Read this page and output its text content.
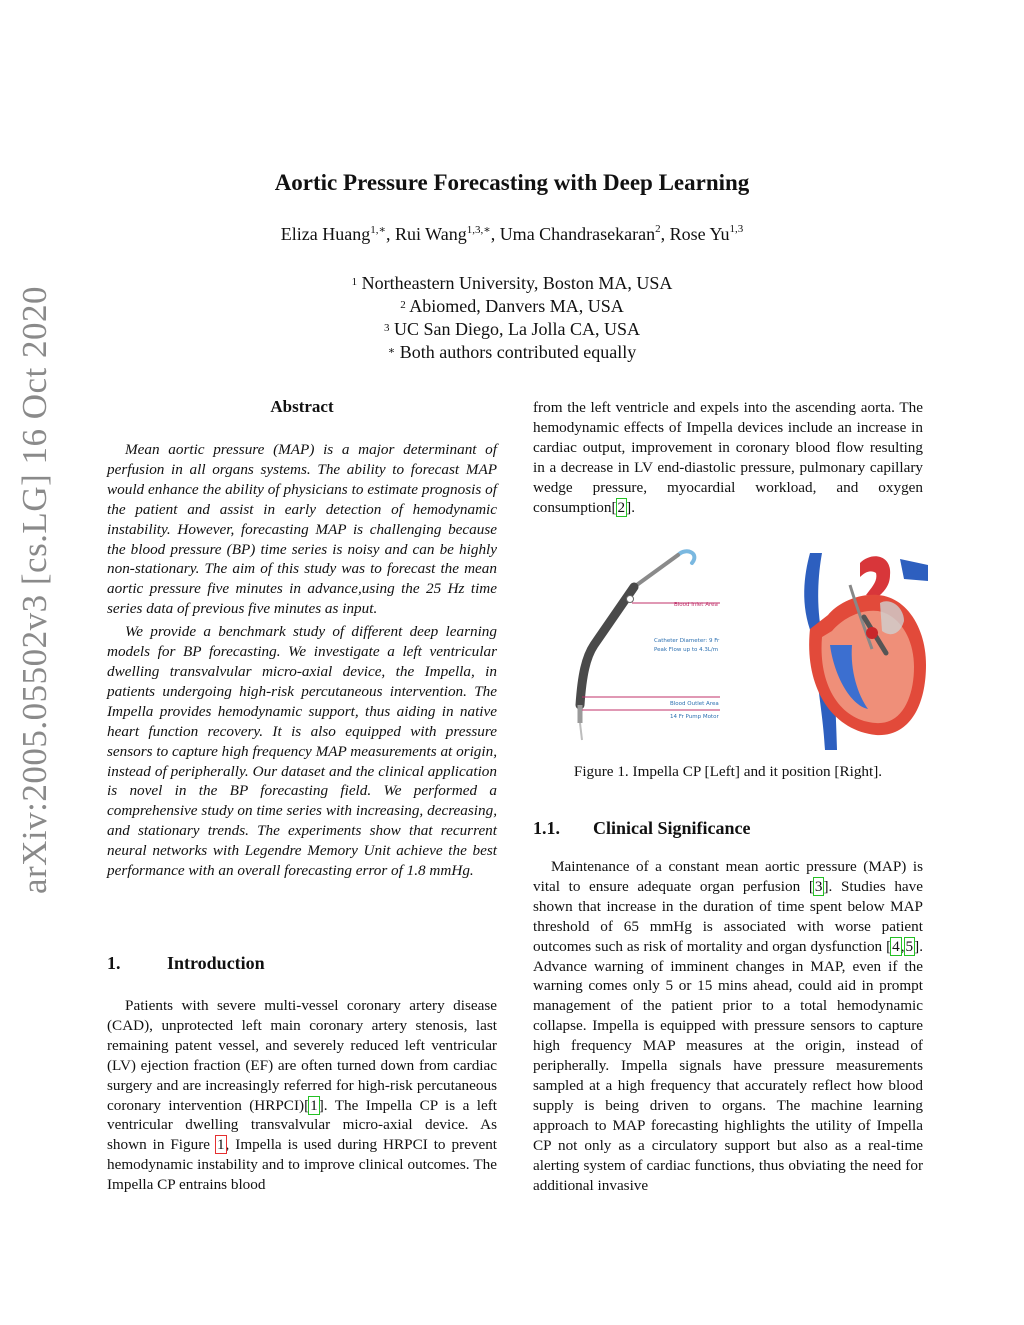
arXiv:2005.05502v3 [cs.LG] 16 Oct 2020
Aortic Pressure Forecasting with Deep Learning
Eliza Huang$^{1,∗}$, Rui Wang$^{1,3,∗}$, Uma Chandrasekaran$^2$, Rose Yu$^{1,3}$
$^1$ Northeastern University, Boston MA, USA
$^2$ Abiomed, Danvers MA, USA
$^3$ UC San Diego, La Jolla CA, USA
∗ Both authors contributed equally
Abstract

Mean aortic pressure (MAP) is a major determinant of perfusion in all organs systems. The ability to forecast MAP would enhance the ability of physicians to estimate prognosis of the patient and assist in early detection of hemodynamic instability. However, forecasting MAP is challenging because the blood pressure (BP) time series is noisy and can be highly non-stationary. The aim of this study was to forecast the mean aortic pressure five minutes in advance,using the 25 Hz time series data of previous five minutes as input.

We provide a benchmark study of different deep learning models for BP forecasting. We investigate a left ventricular dwelling transvalvular micro-axial device, the Impella, in patients undergoing high-risk percutaneous intervention. The Impella provides hemodynamic support, thus aiding in native heart function recovery. It is also equipped with pressure sensors to capture high frequency MAP measurements at origin, instead of peripherally. Our dataset and the clinical application is novel in the BP forecasting field. We performed a comprehensive study on time series with increasing, decreasing, and stationary trends. The experiments show that recurrent neural networks with Legendre Memory Unit achieve the best performance with an overall forecasting error of 1.8 mmHg.

1.	Introduction

Patients with severe multi-vessel coronary artery disease (CAD), unprotected left main coronary artery stenosis, last remaining patent vessel, and severely reduced left ventricular (LV) ejection fraction (EF) are often turned down from cardiac surgery and are increasingly referred for high-risk percutaneous coronary intervention (HRPCI)[1]. The Impella CP is a left ventricular dwelling transvalvular micro-axial device. As shown in Figure 1, Impella is used during HRPCI to prevent hemodynamic instability and to improve clinical outcomes. The Impella CP entrains blood

from the left ventricle and expels into the ascending aorta. The hemodynamic effects of Impella devices include an increase in cardiac output, improvement in coronary blood flow resulting in a decrease in LV end-diastolic pressure, pulmonary capillary wedge pressure, myocardial workload, and oxygen consumption[2].

Blood Inlet Area
Catheter Diameter: 9 Fr
Peak Flow up to 4.3L/m
Blood Outlet Area
14 Fr Pump Motor
Figure 1. Impella CP [Left] and it position [Right].
1.1. Clinical Significance

Maintenance of a constant mean aortic pressure (MAP) is vital to ensure adequate organ perfusion [3]. Studies have shown that increase in the duration of time spent below MAP threshold of 65 mmHg is associated with worse patient outcomes such as risk of mortality and organ dysfunction [4,5]. Advance warning of imminent changes in MAP, even if the warning comes only 5 or 15 mins ahead, could aid in prompt management of the patient prior to a total hemodynamic collapse. Impella is equipped with pressure sensors to capture high frequency MAP measures at the origin, instead of peripherally. Impella signals have pressure measurements sampled at a high frequency that accurately reflect how blood supply is being driven to organs. The machine learning approach to MAP forecasting highlights the utility of Impella CP not only as a circulatory support but also as a real-time alerting system of cardiac functions, thus obviating the need for additional invasive
